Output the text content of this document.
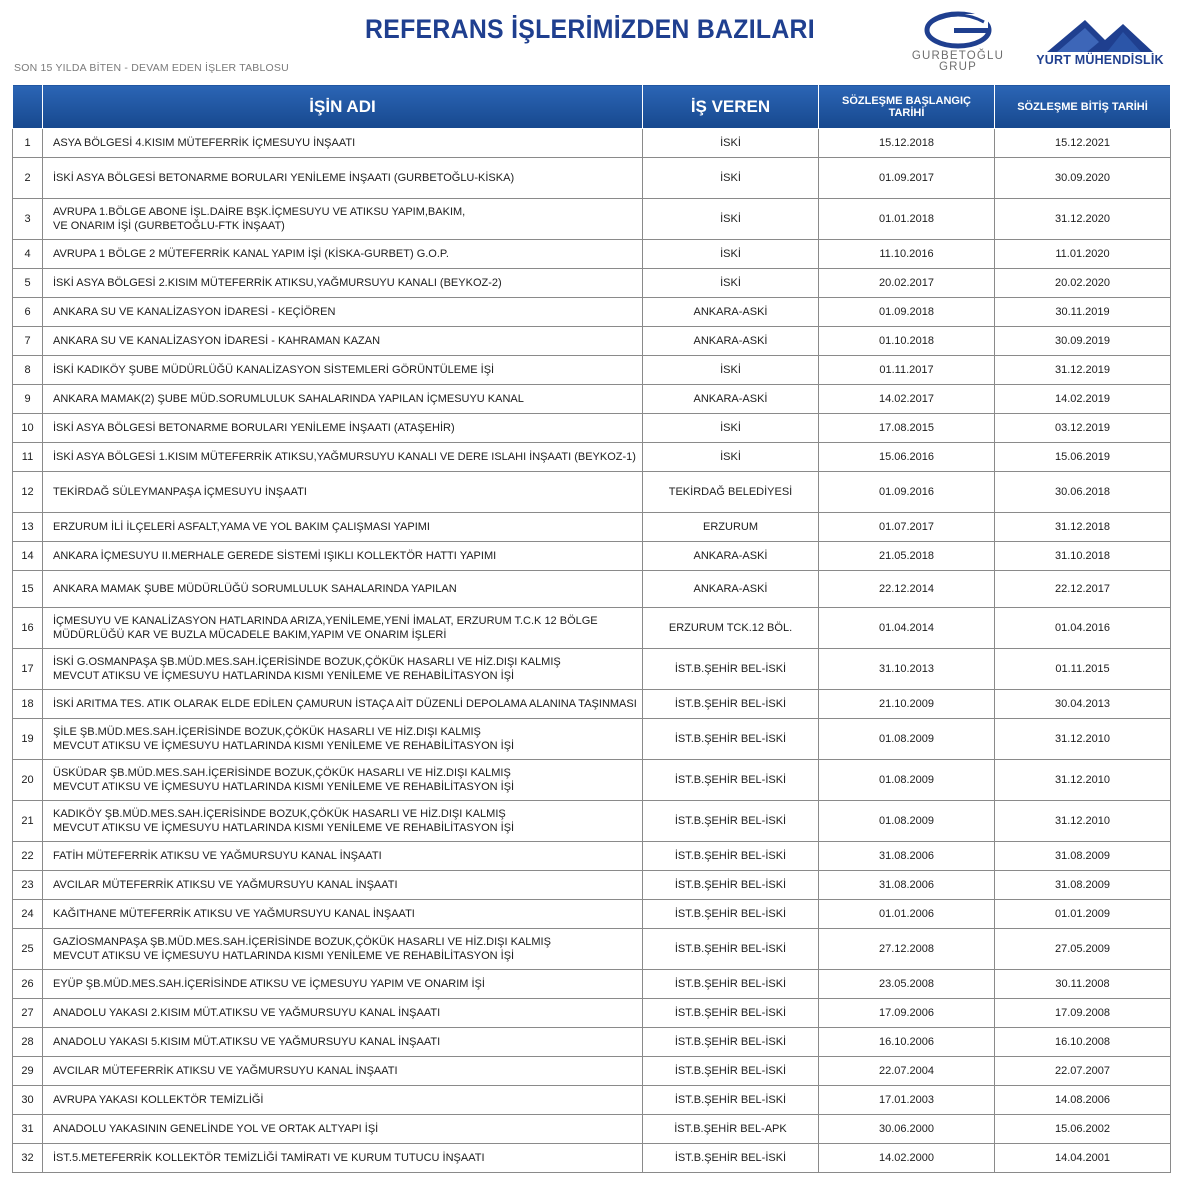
REFERANS İŞLERİMİZDEN BAZILARI
SON 15 YILDA BİTEN - DEVAM EDEN İŞLER TABLOSU
GURBETOĞLU
GRUP	YURT MÜHENDİSLİK
	İŞİN ADI	İŞ VEREN	SÖZLEŞME BAŞLANGIÇ TARİHİ	SÖZLEŞME BİTİŞ TARİHİ
1	ASYA BÖLGESİ 4.KISIM MÜTEFERRİK İÇMESUYU İNŞAATI	İSKİ	15.12.2018	15.12.2021
2	İSKİ ASYA BÖLGESİ BETONARME BORULARI YENİLEME İNŞAATI (GURBETOĞLU-KİSKA)	İSKİ	01.09.2017	30.09.2020
3	AVRUPA 1.BÖLGE ABONE İŞL.DAİRE BŞK.İÇMESUYU VE ATIKSU YAPIM,BAKIM,
VE ONARIM İŞİ (GURBETOĞLU-FTK İNŞAAT)	İSKİ	01.01.2018	31.12.2020
4	AVRUPA 1 BÖLGE 2 MÜTEFERRİK KANAL YAPIM İŞİ (KİSKA-GURBET) G.O.P.	İSKİ	11.10.2016	11.01.2020
5	İSKİ ASYA BÖLGESİ 2.KISIM MÜTEFERRİK ATIKSU,YAĞMURSUYU KANALI (BEYKOZ-2)	İSKİ	20.02.2017	20.02.2020
6	ANKARA SU VE KANALİZASYON İDARESİ - KEÇİÖREN	ANKARA-ASKİ	01.09.2018	30.11.2019
7	ANKARA SU VE KANALİZASYON İDARESİ - KAHRAMAN KAZAN	ANKARA-ASKİ	01.10.2018	30.09.2019
8	İSKİ KADIKÖY ŞUBE MÜDÜRLÜĞÜ KANALİZASYON SİSTEMLERİ GÖRÜNTÜLEME İŞİ	İSKİ	01.11.2017	31.12.2019
9	ANKARA MAMAK(2) ŞUBE MÜD.SORUMLULUK SAHALARINDA YAPILAN İÇMESUYU KANAL	ANKARA-ASKİ	14.02.2017	14.02.2019
10	İSKİ ASYA BÖLGESİ BETONARME BORULARI YENİLEME İNŞAATI (ATAŞEHİR)	İSKİ	17.08.2015	03.12.2019
11	İSKİ ASYA BÖLGESİ 1.KISIM MÜTEFERRİK ATIKSU,YAĞMURSUYU KANALI VE DERE ISLAHI İNŞAATI (BEYKOZ-1)	İSKİ	15.06.2016	15.06.2019
12	TEKİRDAĞ SÜLEYMANPAŞA İÇMESUYU İNŞAATI	TEKİRDAĞ BELEDİYESİ	01.09.2016	30.06.2018
13	ERZURUM İLİ İLÇELERİ ASFALT,YAMA VE YOL BAKIM ÇALIŞMASI YAPIMI	ERZURUM	01.07.2017	31.12.2018
14	ANKARA İÇMESUYU II.MERHALE GEREDE SİSTEMİ IŞIKLI KOLLEKTÖR HATTI YAPIMI	ANKARA-ASKİ	21.05.2018	31.10.2018
15	ANKARA MAMAK ŞUBE MÜDÜRLÜĞÜ SORUMLULUK SAHALARINDA YAPILAN	ANKARA-ASKİ	22.12.2014	22.12.2017
16	İÇMESUYU VE KANALİZASYON HATLARINDA ARIZA,YENİLEME,YENİ İMALAT, ERZURUM T.C.K 12 BÖLGE
MÜDÜRLÜĞÜ KAR VE BUZLA MÜCADELE BAKIM,YAPIM VE ONARIM İŞLERİ	ERZURUM TCK.12 BÖL.	01.04.2014	01.04.2016
17	İSKİ G.OSMANPAŞA ŞB.MÜD.MES.SAH.İÇERİSİNDE BOZUK,ÇÖKÜK HASARLI VE HİZ.DIŞI KALMIŞ
MEVCUT ATIKSU VE İÇMESUYU HATLARINDA KISMI YENİLEME VE REHABİLİTASYON İŞİ	İST.B.ŞEHİR BEL-İSKİ	31.10.2013	01.11.2015
18	İSKİ ARITMA TES. ATIK OLARAK ELDE EDİLEN ÇAMURUN İSTAÇA AİT DÜZENLİ DEPOLAMA ALANINA TAŞINMASI	İST.B.ŞEHİR BEL-İSKİ	21.10.2009	30.04.2013
19	ŞİLE ŞB.MÜD.MES.SAH.İÇERİSİNDE BOZUK,ÇÖKÜK HASARLI VE HİZ.DIŞI KALMIŞ
MEVCUT ATIKSU VE İÇMESUYU HATLARINDA KISMI YENİLEME VE REHABİLİTASYON İŞİ	İST.B.ŞEHİR BEL-İSKİ	01.08.2009	31.12.2010
20	ÜSKÜDAR ŞB.MÜD.MES.SAH.İÇERİSİNDE BOZUK,ÇÖKÜK HASARLI VE HİZ.DIŞI KALMIŞ
MEVCUT ATIKSU VE İÇMESUYU HATLARINDA KISMI YENİLEME VE REHABİLİTASYON İŞİ	İST.B.ŞEHİR BEL-İSKİ	01.08.2009	31.12.2010
21	KADIKÖY ŞB.MÜD.MES.SAH.İÇERİSİNDE BOZUK,ÇÖKÜK HASARLI VE HİZ.DIŞI KALMIŞ
MEVCUT ATIKSU VE İÇMESUYU HATLARINDA KISMI YENİLEME VE REHABİLİTASYON İŞİ	İST.B.ŞEHİR BEL-İSKİ	01.08.2009	31.12.2010
22	FATİH MÜTEFERRİK ATIKSU VE YAĞMURSUYU KANAL İNŞAATI	İST.B.ŞEHİR BEL-İSKİ	31.08.2006	31.08.2009
23	AVCILAR MÜTEFERRİK ATIKSU VE YAĞMURSUYU KANAL İNŞAATI	İST.B.ŞEHİR BEL-İSKİ	31.08.2006	31.08.2009
24	KAĞITHANE MÜTEFERRİK ATIKSU VE YAĞMURSUYU KANAL İNŞAATI	İST.B.ŞEHİR BEL-İSKİ	01.01.2006	01.01.2009
25	GAZİOSMANPAŞA ŞB.MÜD.MES.SAH.İÇERİSİNDE BOZUK,ÇÖKÜK HASARLI VE HİZ.DIŞI KALMIŞ
MEVCUT ATIKSU VE İÇMESUYU HATLARINDA KISMI YENİLEME VE REHABİLİTASYON İŞİ	İST.B.ŞEHİR BEL-İSKİ	27.12.2008	27.05.2009
26	EYÜP ŞB.MÜD.MES.SAH.İÇERİSİNDE ATIKSU VE İÇMESUYU YAPIM VE ONARIM İŞİ	İST.B.ŞEHİR BEL-İSKİ	23.05.2008	30.11.2008
27	ANADOLU YAKASI 2.KISIM MÜT.ATIKSU VE YAĞMURSUYU KANAL İNŞAATI	İST.B.ŞEHİR BEL-İSKİ	17.09.2006	17.09.2008
28	ANADOLU YAKASI 5.KISIM MÜT.ATIKSU VE YAĞMURSUYU KANAL İNŞAATI	İST.B.ŞEHİR BEL-İSKİ	16.10.2006	16.10.2008
29	AVCILAR MÜTEFERRİK ATIKSU VE YAĞMURSUYU KANAL İNŞAATI	İST.B.ŞEHİR BEL-İSKİ	22.07.2004	22.07.2007
30	AVRUPA YAKASI KOLLEKTÖR TEMİZLİĞİ	İST.B.ŞEHİR BEL-İSKİ	17.01.2003	14.08.2006
31	ANADOLU YAKASININ GENELİNDE YOL VE ORTAK ALTYAPI İŞİ	İST.B.ŞEHİR BEL-APK	30.06.2000	15.06.2002
32	İST.5.METEFERRİK KOLLEKTÖR TEMİZLİĞİ TAMİRATI VE KURUM TUTUCU İNŞAATI	İST.B.ŞEHİR BEL-İSKİ	14.02.2000	14.04.2001
